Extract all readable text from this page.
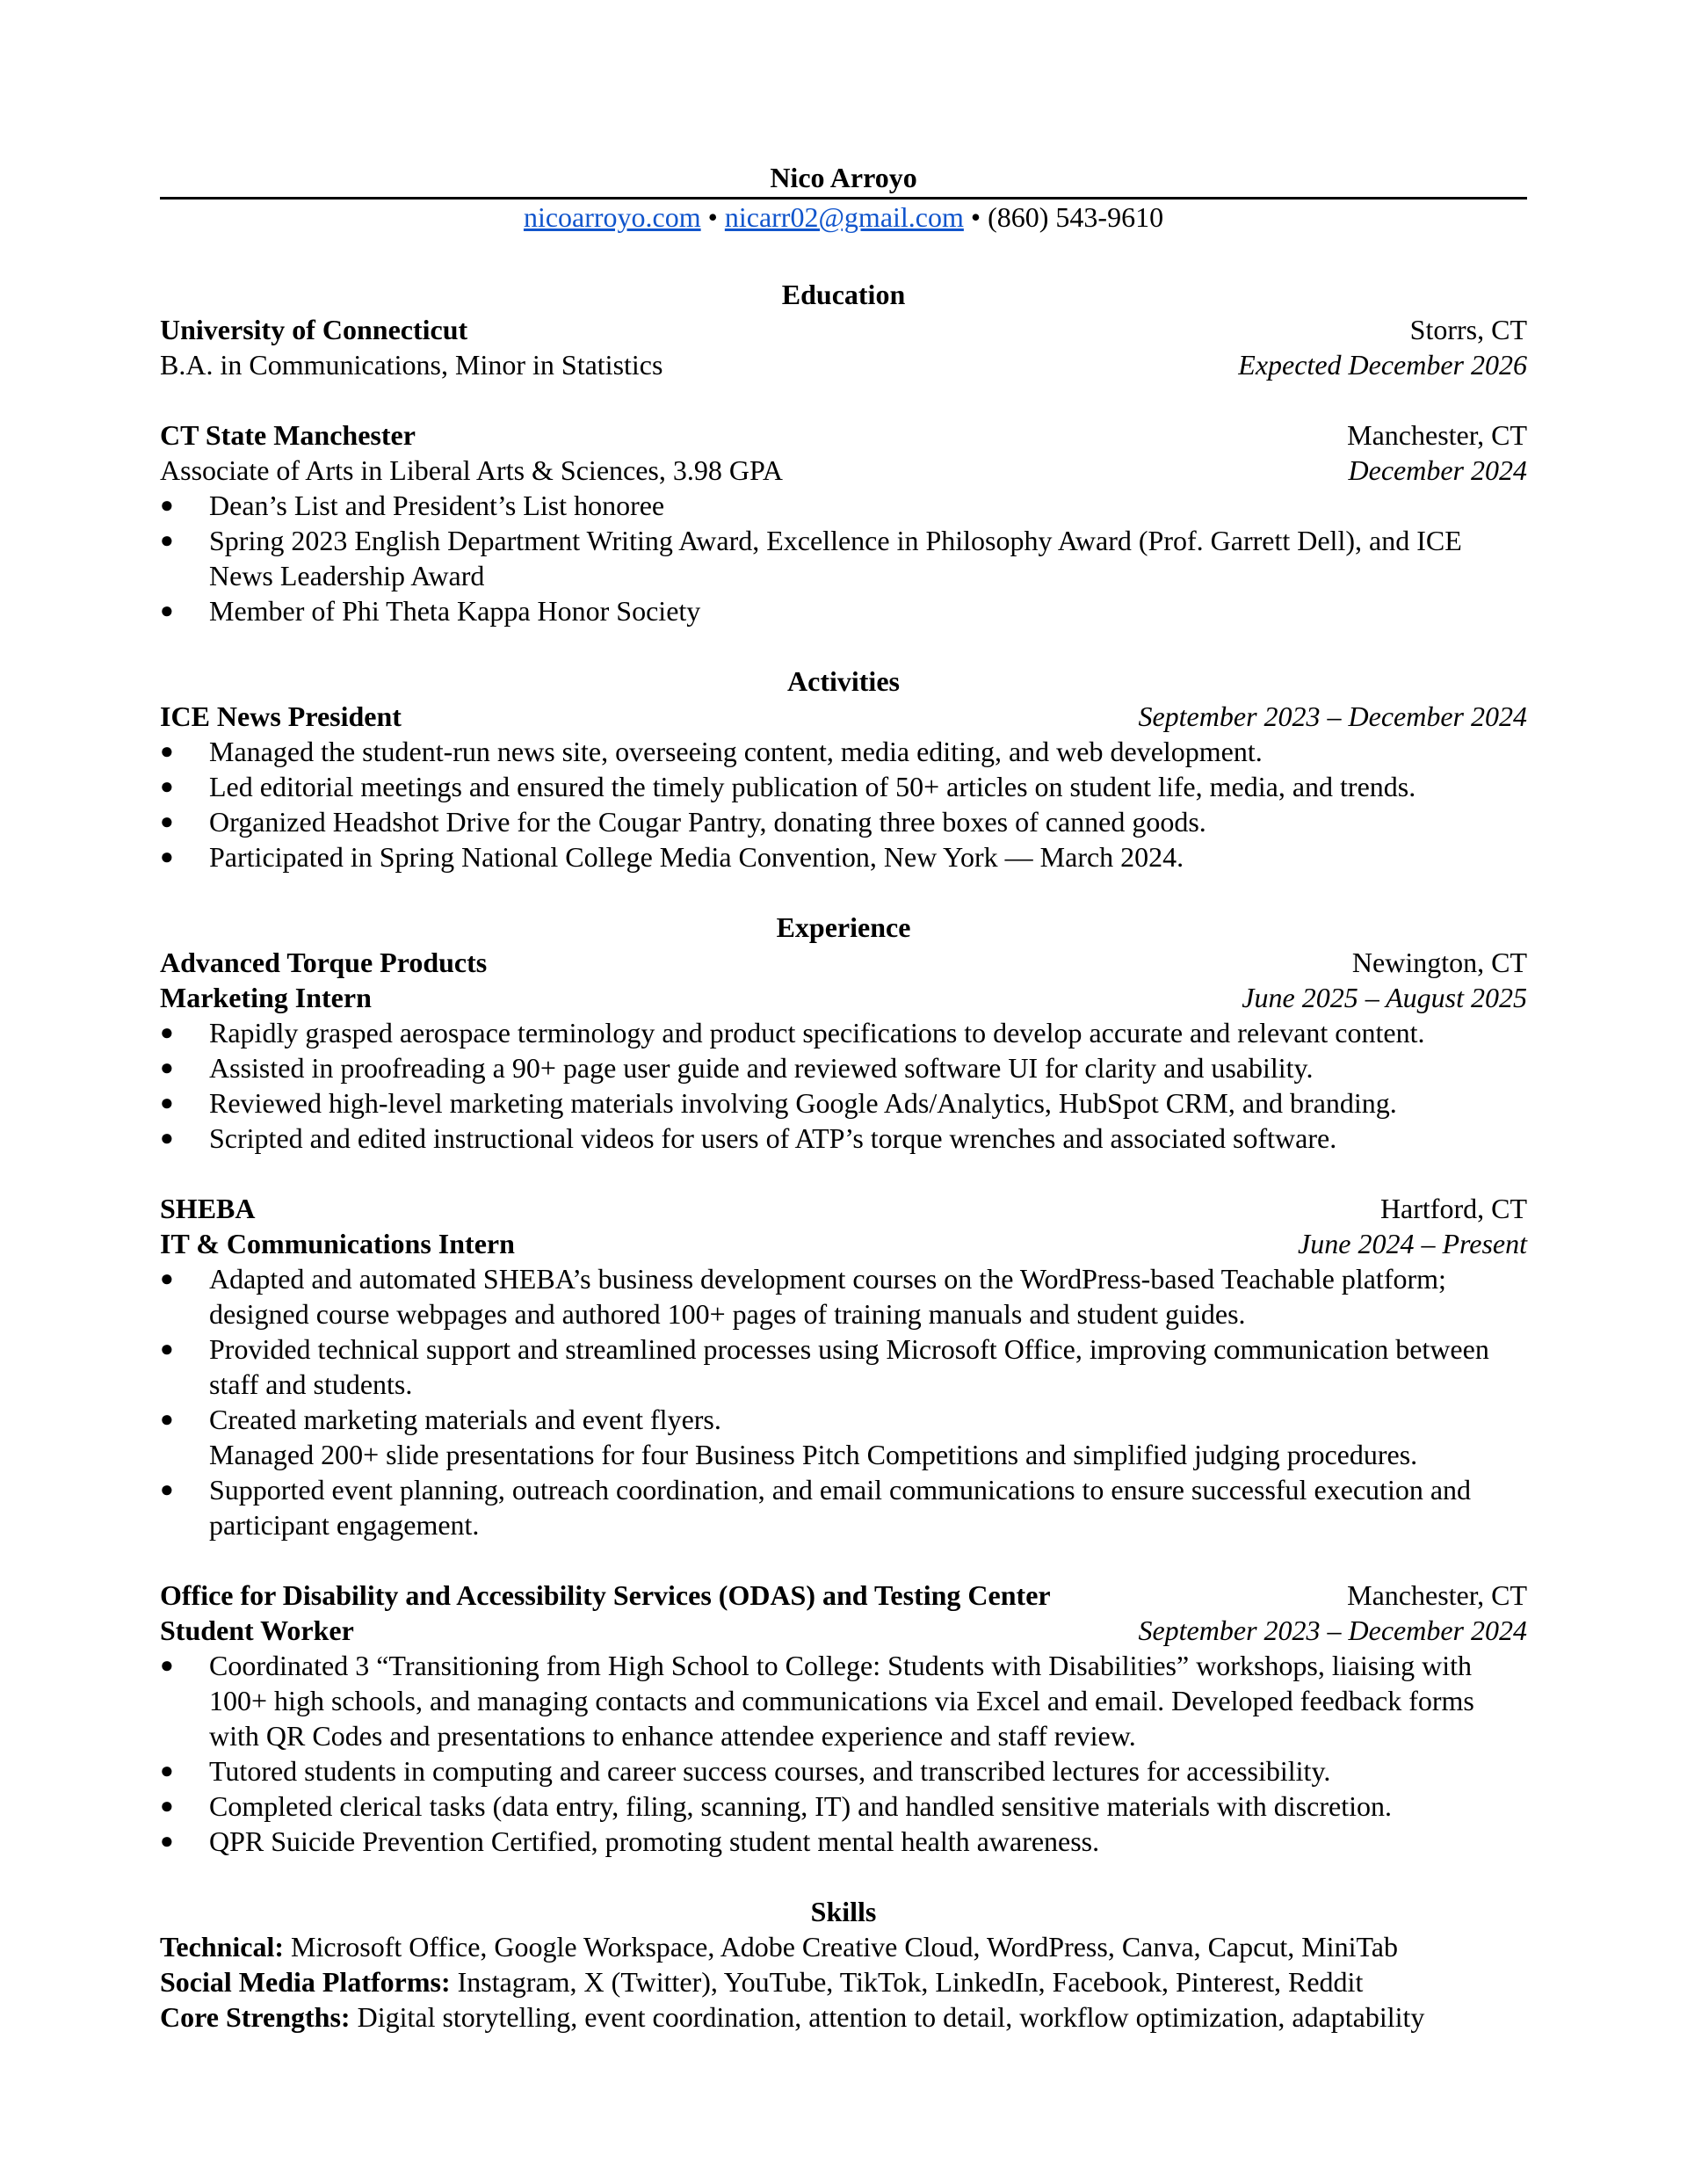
Nico Arroyo
nicoarroyo.com • nicarr02@gmail.com • (860) 543-9610
Education
University of Connecticut	Storrs, CT
B.A. in Communications, Minor in Statistics	Expected December 2026
CT State Manchester	Manchester, CT
Associate of Arts in Liberal Arts & Sciences, 3.98 GPA	December 2024
● Dean’s List and President’s List honoree
● Spring 2023 English Department Writing Award, Excellence in Philosophy Award (Prof. Garrett Dell), and ICE News Leadership Award
● Member of Phi Theta Kappa Honor Society
Activities
ICE News President	September 2023 – December 2024
● Managed the student-run news site, overseeing content, media editing, and web development.
● Led editorial meetings and ensured the timely publication of 50+ articles on student life, media, and trends.
● Organized Headshot Drive for the Cougar Pantry, donating three boxes of canned goods.
● Participated in Spring National College Media Convention, New York — March 2024.
Experience
Advanced Torque Products	Newington, CT
Marketing Intern	June 2025 – August 2025
● Rapidly grasped aerospace terminology and product specifications to develop accurate and relevant content.
● Assisted in proofreading a 90+ page user guide and reviewed software UI for clarity and usability.
● Reviewed high-level marketing materials involving Google Ads/Analytics, HubSpot CRM, and branding.
● Scripted and edited instructional videos for users of ATP’s torque wrenches and associated software.
SHEBA	Hartford, CT
IT & Communications Intern	June 2024 – Present
● Adapted and automated SHEBA’s business development courses on the WordPress-based Teachable platform; designed course webpages and authored 100+ pages of training manuals and student guides.
● Provided technical support and streamlined processes using Microsoft Office, improving communication between staff and students.
● Created marketing materials and event flyers.
Managed 200+ slide presentations for four Business Pitch Competitions and simplified judging procedures.
● Supported event planning, outreach coordination, and email communications to ensure successful execution and participant engagement.
Office for Disability and Accessibility Services (ODAS) and Testing Center	Manchester, CT
Student Worker	September 2023 – December 2024
● Coordinated 3 “Transitioning from High School to College: Students with Disabilities” workshops, liaising with 100+ high schools, and managing contacts and communications via Excel and email. Developed feedback forms with QR Codes and presentations to enhance attendee experience and staff review.
● Tutored students in computing and career success courses, and transcribed lectures for accessibility.
● Completed clerical tasks (data entry, filing, scanning, IT) and handled sensitive materials with discretion.
● QPR Suicide Prevention Certified, promoting student mental health awareness.
Skills
Technical: Microsoft Office, Google Workspace, Adobe Creative Cloud, WordPress, Canva, Capcut, MiniTab
Social Media Platforms: Instagram, X (Twitter), YouTube, TikTok, LinkedIn, Facebook, Pinterest, Reddit
Core Strengths: Digital storytelling, event coordination, attention to detail, workflow optimization, adaptability
